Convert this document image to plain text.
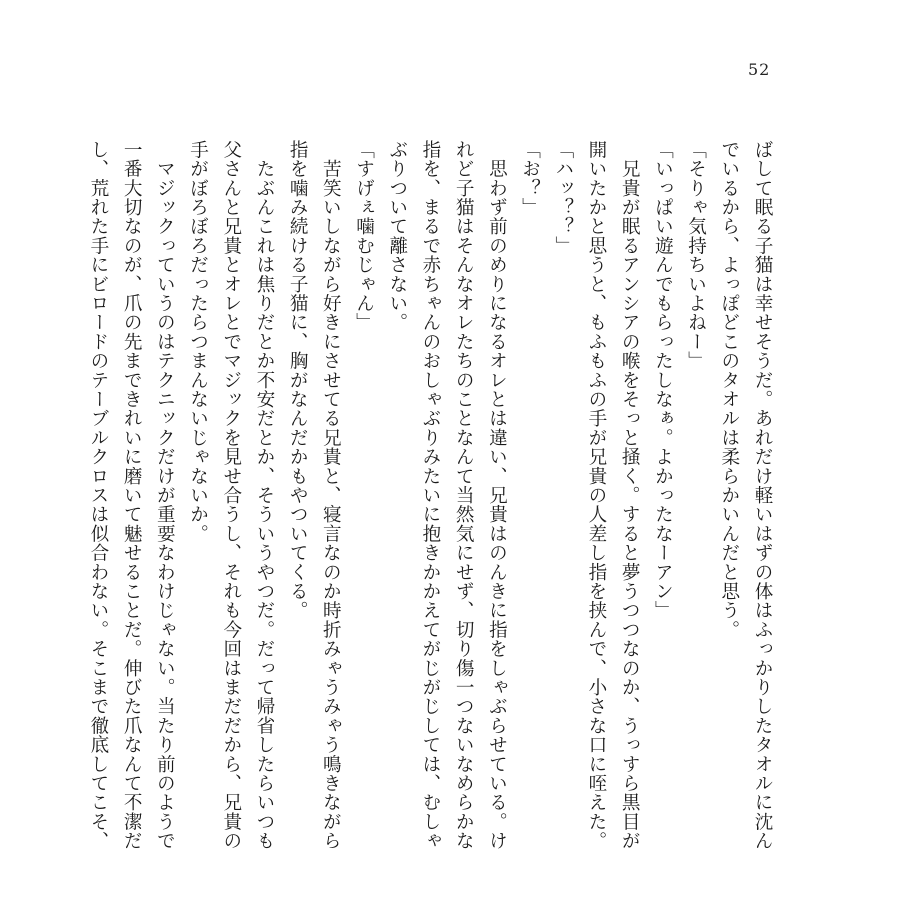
52
ばして眠る子猫は幸せそうだ。あれだけ軽いはずの体はふっかりしたタオルに沈ん
でいるから、よっぽどこのタオルは柔らかいんだと思う。
「そりゃ気持ちいよねー」
「いっぱい遊んでもらったしなぁ。よかったなーアン」
　兄貴が眠るアンシアの喉をそっと掻く。すると夢うつつなのか、うっすら黒目が
開いたかと思うと、もふもふの手が兄貴の人差し指を挟んで、小さな口に咥えた。
「ハッ？？」
「お？」
　思わず前のめりになるオレとは違い、兄貴はのんきに指をしゃぶらせている。け
れど子猫はそんなオレたちのことなんて当然気にせず、切り傷一つないなめらかな
指を、まるで赤ちゃんのおしゃぶりみたいに抱きかかえてがじがじしては、むしゃ
ぶりついて離さない。
「すげぇ噛むじゃん」
　苦笑いしながら好きにさせてる兄貴と、寝言なのか時折みゃうみゃう鳴きながら
指を噛み続ける子猫に、胸がなんだかもやついてくる。
　たぶんこれは焦りだとか不安だとか、そういうやつだ。だって帰省したらいつも
父さんと兄貴とオレとでマジックを見せ合うし、それも今回はまだだから、兄貴の
手がぼろぼろだったらつまんないじゃないか。
　マジックっていうのはテクニックだけが重要なわけじゃない。当たり前のようで
一番大切なのが、爪の先まできれいに磨いて魅せることだ。伸びた爪なんて不潔だ
し、荒れた手にビロードのテーブルクロスは似合わない。そこまで徹底してこそ、
